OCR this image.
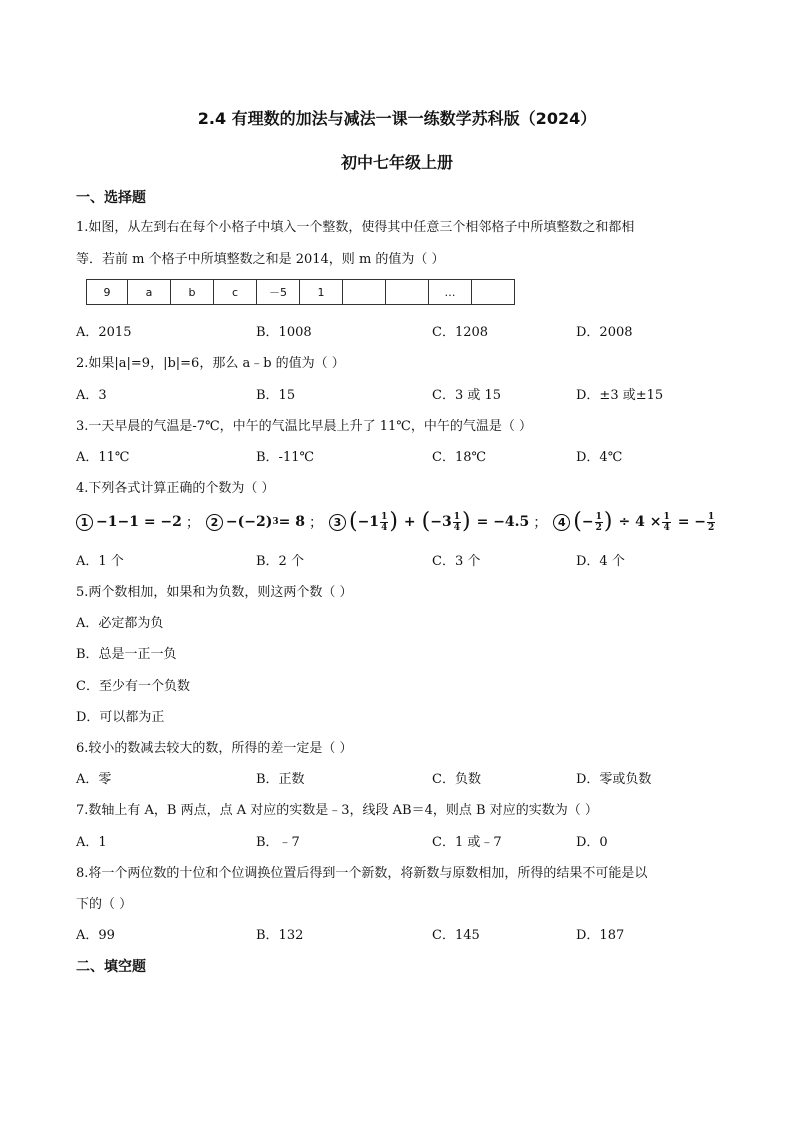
2.4 有理数的加法与减法一课一练数学苏科版（2024）
初中七年级上册
一、选择题
1.如图，从左到右在每个小格子中填入一个整数，使得其中任意三个相邻格子中所填整数之和都相
等．若前 m 个格子中所填整数之和是 2014，则 m 的值为（ ）
9	a	b	c	－5	1			…	
A．2015	B．1008	C．1208	D．2008
2.如果|a|=9，|b|=6，那么 a﹣b 的值为（ ）
A．3	B．15	C．3 或 15	D．±3 或±15
3.一天早晨的气温是-7℃，中午的气温比早晨上升了 11℃，中午的气温是（ ）
A．11℃	B．-11℃	C．18℃	D．4℃
4.下列各式计算正确的个数为（ ）
1 −1−1 = −2 ； 2 −(−2) 3 = 8 ； 3 ( $-1 \frac{1}{4}$ ) + ( $-3 \frac{1}{4}$ ) = −4.5 ； 4 ( − $\frac{1}{2}$ ) ÷ $4 \times \frac{1}{4}$ = − $\frac{1}{2}$
A．1 个	B．2 个	C．3 个	D．4 个
5.两个数相加，如果和为负数，则这两个数（ ）
A．必定都为负
B．总是一正一负
C．至少有一个负数
D．可以都为正
6.较小的数减去较大的数，所得的差一定是（ ）
A．零	B．正数	C．负数	D．零或负数
7.数轴上有 A，B 两点，点 A 对应的实数是﹣3，线段 AB＝4，则点 B 对应的实数为（ ）
A．1	B．﹣7	C．1 或﹣7	D．0
8.将一个两位数的十位和个位调换位置后得到一个新数，将新数与原数相加，所得的结果不可能是以
下的（ ）
A．99	B．132	C．145	D．187
二、填空题
